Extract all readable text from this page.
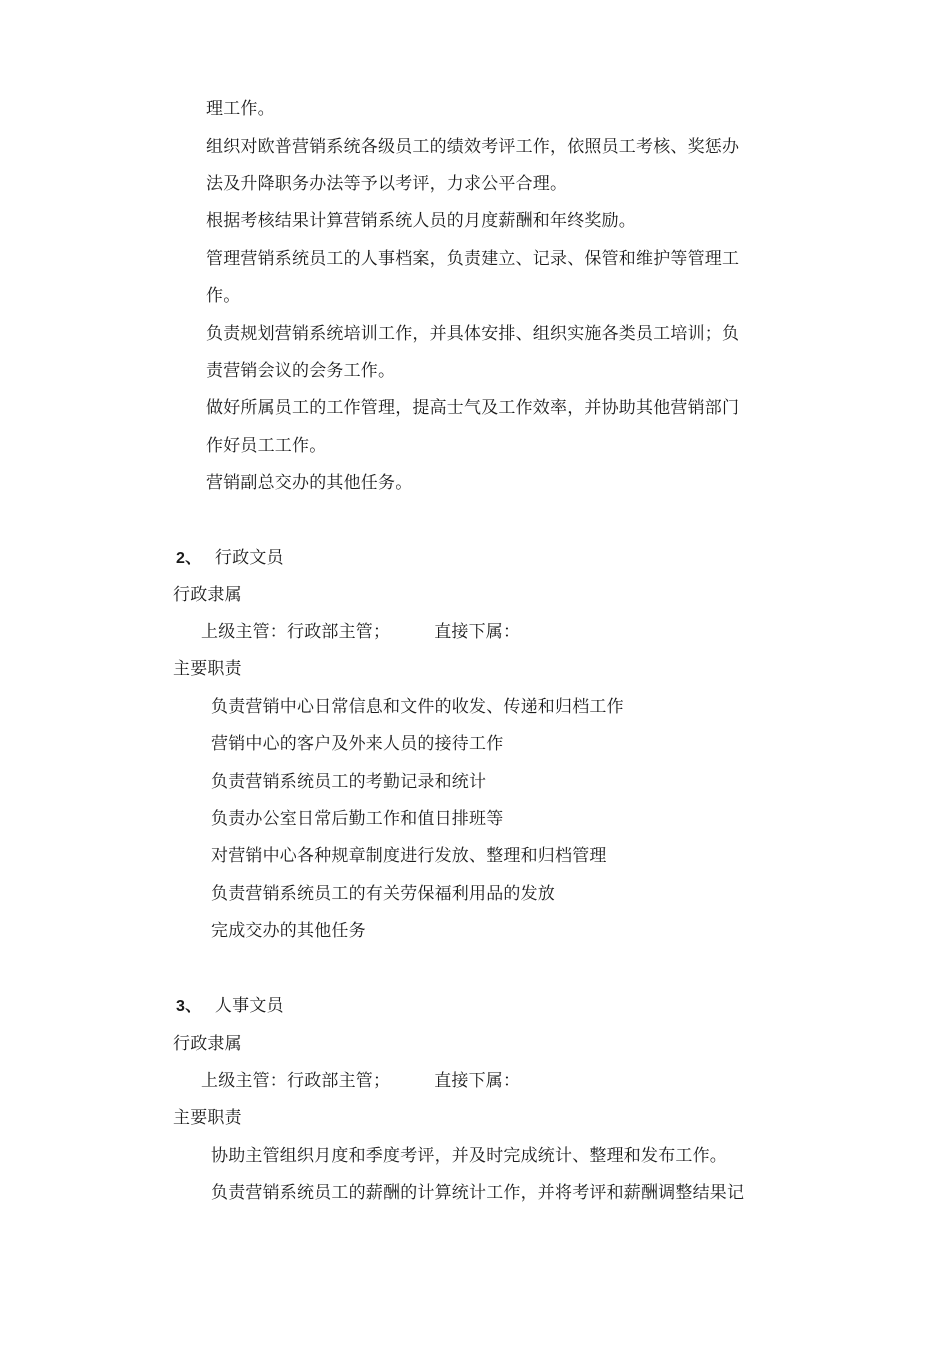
理工作。
组织对欧普营销系统各级员工的绩效考评工作，依照员工考核、奖惩办
法及升降职务办法等予以考评，力求公平合理。
根据考核结果计算营销系统人员的月度薪酬和年终奖励。
管理营销系统员工的人事档案，负责建立、记录、保管和维护等管理工
作。
负责规划营销系统培训工作，并具体安排、组织实施各类员工培训；负
责营销会议的会务工作。
做好所属员工的工作管理，提高士气及工作效率，并协助其他营销部门
作好员工工作。
营销副总交办的其他任务。
2、 行政文员
行政隶属
上级主管：行政部主管；	直接下属：
主要职责
负责营销中心日常信息和文件的收发、传递和归档工作
营销中心的客户及外来人员的接待工作
负责营销系统员工的考勤记录和统计
负责办公室日常后勤工作和值日排班等
对营销中心各种规章制度进行发放、整理和归档管理
负责营销系统员工的有关劳保福利用品的发放
完成交办的其他任务
3、 人事文员
行政隶属
上级主管：行政部主管；	直接下属：
主要职责
协助主管组织月度和季度考评，并及时完成统计、整理和发布工作。
负责营销系统员工的薪酬的计算统计工作，并将考评和薪酬调整结果记
